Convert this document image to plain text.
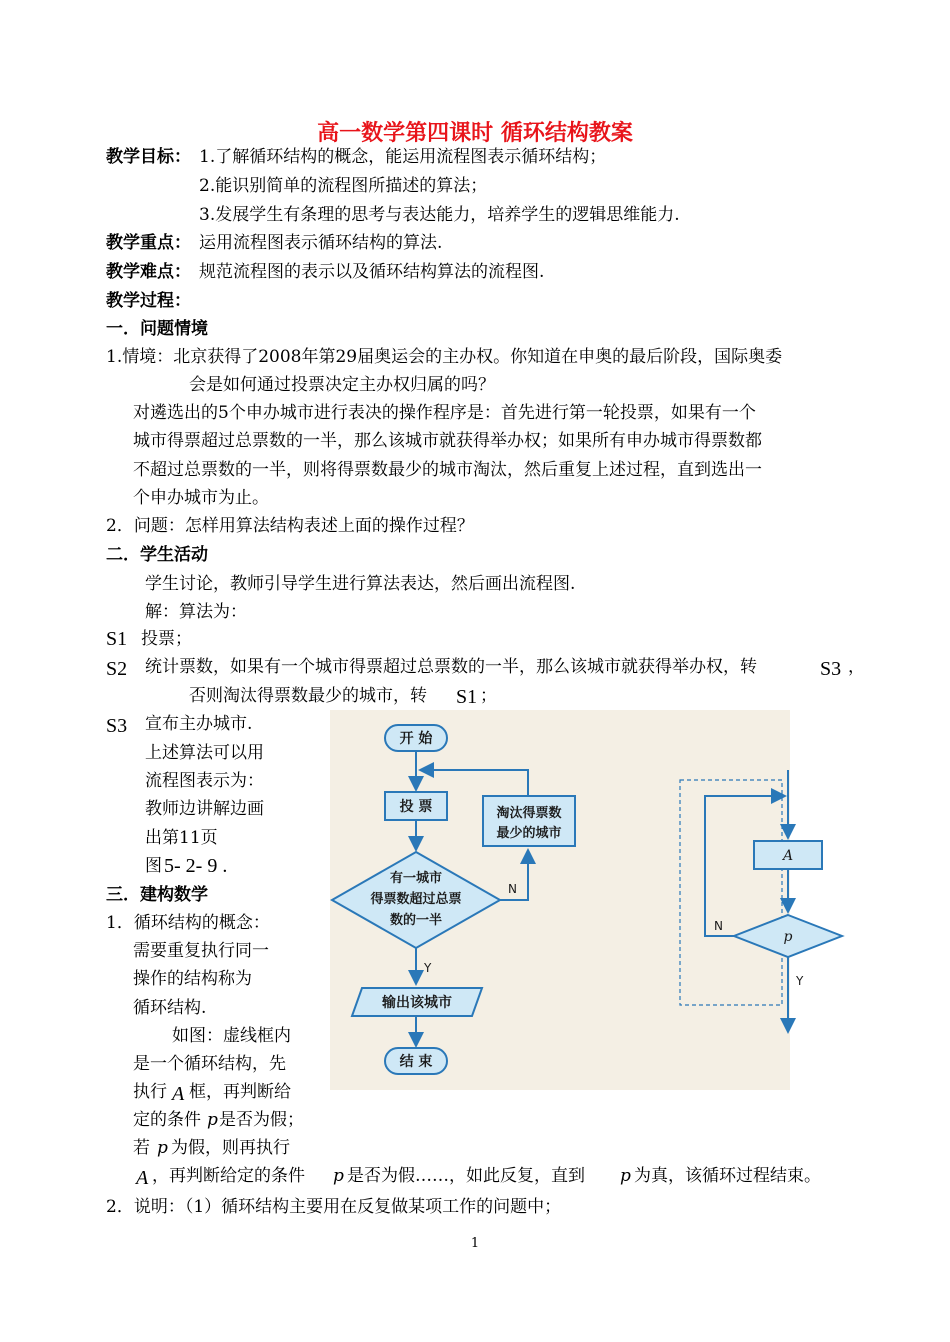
高一数学第四课时 循环结构教案
教学目标： 1.了解循环结构的概念，能运用流程图表示循环结构；
2.能识别简单的流程图所描述的算法；
3.发展学生有条理的思考与表达能力，培养学生的逻辑思维能力.
教学重点： 运用流程图表示循环结构的算法.
教学难点： 规范流程图的表示以及循环结构算法的流程图.
教学过程：
一．问题情境
1.情境：北京获得了2008年第29届奥运会的主办权。你知道在申奥的最后阶段，国际奥委
会是如何通过投票决定主办权归属的吗？
对遴选出的5个申办城市进行表决的操作程序是：首先进行第一轮投票，如果有一个
城市得票超过总票数的一半，那么该城市就获得举办权；如果所有申办城市得票数都
不超过总票数的一半，则将得票数最少的城市淘汰，然后重复上述过程，直到选出一
个申办城市为止。
2．问题：怎样用算法结构表述上面的操作过程？
二．学生活动
学生讨论，教师引导学生进行算法表达，然后画出流程图.
解：算法为：
S1 投票；
S2 统计票数，如果有一个城市得票超过总票数的一半，那么该城市就获得举办权，转	S3 ，
否则淘汰得票数最少的城市，转 S1 ；
S3 宣布主办城市.
上述算法可以用
流程图表示为：
教师边讲解边画
出第11页
图 5- 2- 9 .
三．建构数学
1．循环结构的概念：
需要重复执行同一
操作的结构称为
循环结构.
如图：虚线框内
是一个循环结构，先
执行 A 框，再判断给
定的条件 p 是否为假；
若 p 为假，则再执行
A ，再判断给定的条件 p 是否为假……，如此反复，直到 p 为真，该循环过程结束。
2．说明：（1）循环结构主要用在反复做某项工作的问题中；
开 始
投 票	淘汰得票数
最少的城市
有一城市
得票数超过总票
数的一半
N
Y
输出该城市
结 束
A
p
N
Y
1
